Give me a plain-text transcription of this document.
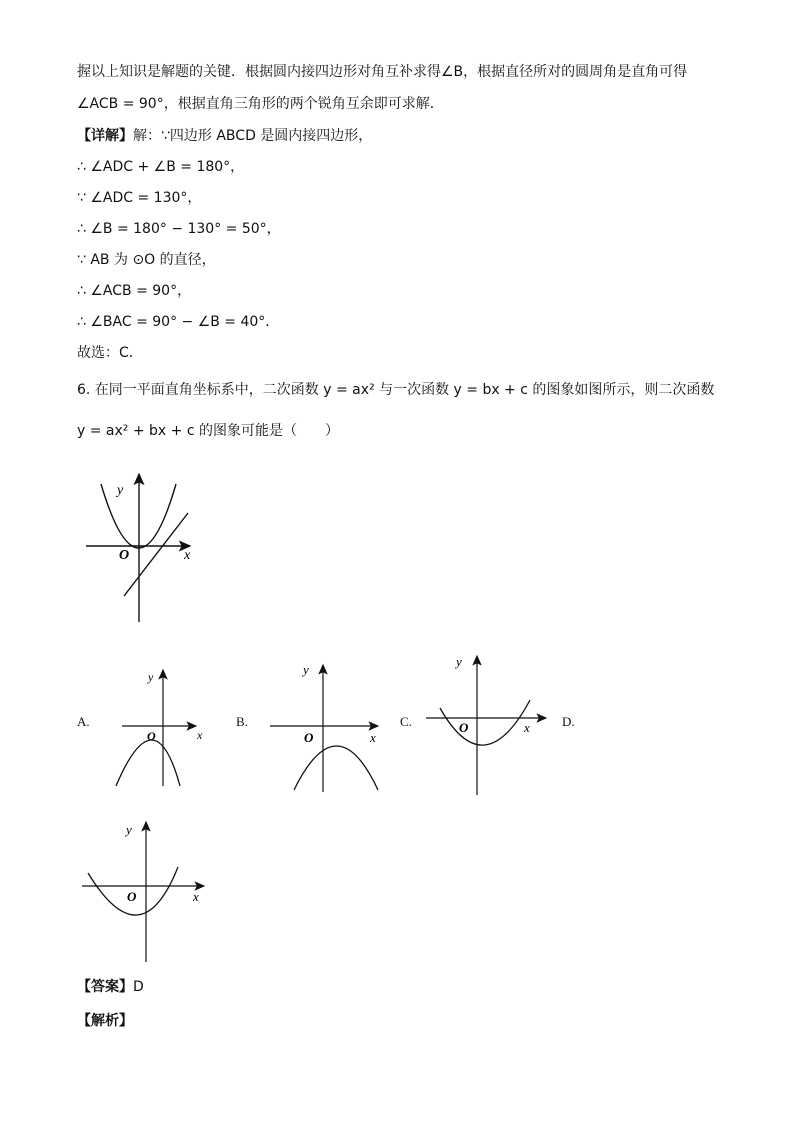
握以上知识是解题的关键．根据圆内接四边形对角互补求得∠B，根据直径所对的圆周角是直角可得
∠ACB = 90°，根据直角三角形的两个锐角互余即可求解．
【详解】解：∵四边形 ABCD 是圆内接四边形，
∴ ∠ADC + ∠B = 180°，
∵ ∠ADC = 130°，
∴ ∠B = 180° − 130° = 50°，
∵ AB 为 ⊙O 的直径，
∴ ∠ACB = 90°，
∴ ∠BAC = 90° − ∠B = 40°．
故选：C．
6. 在同一平面直角坐标系中，二次函数 y = ax² 与一次函数 y = bx + c 的图象如图所示，则二次函数
y = ax² + bx + c 的图象可能是（　　）
y
x
O
y
x
O
y
x
O
y
x
O
y
x
O
A.	B.	C.	D.
【答案】D
【解析】
